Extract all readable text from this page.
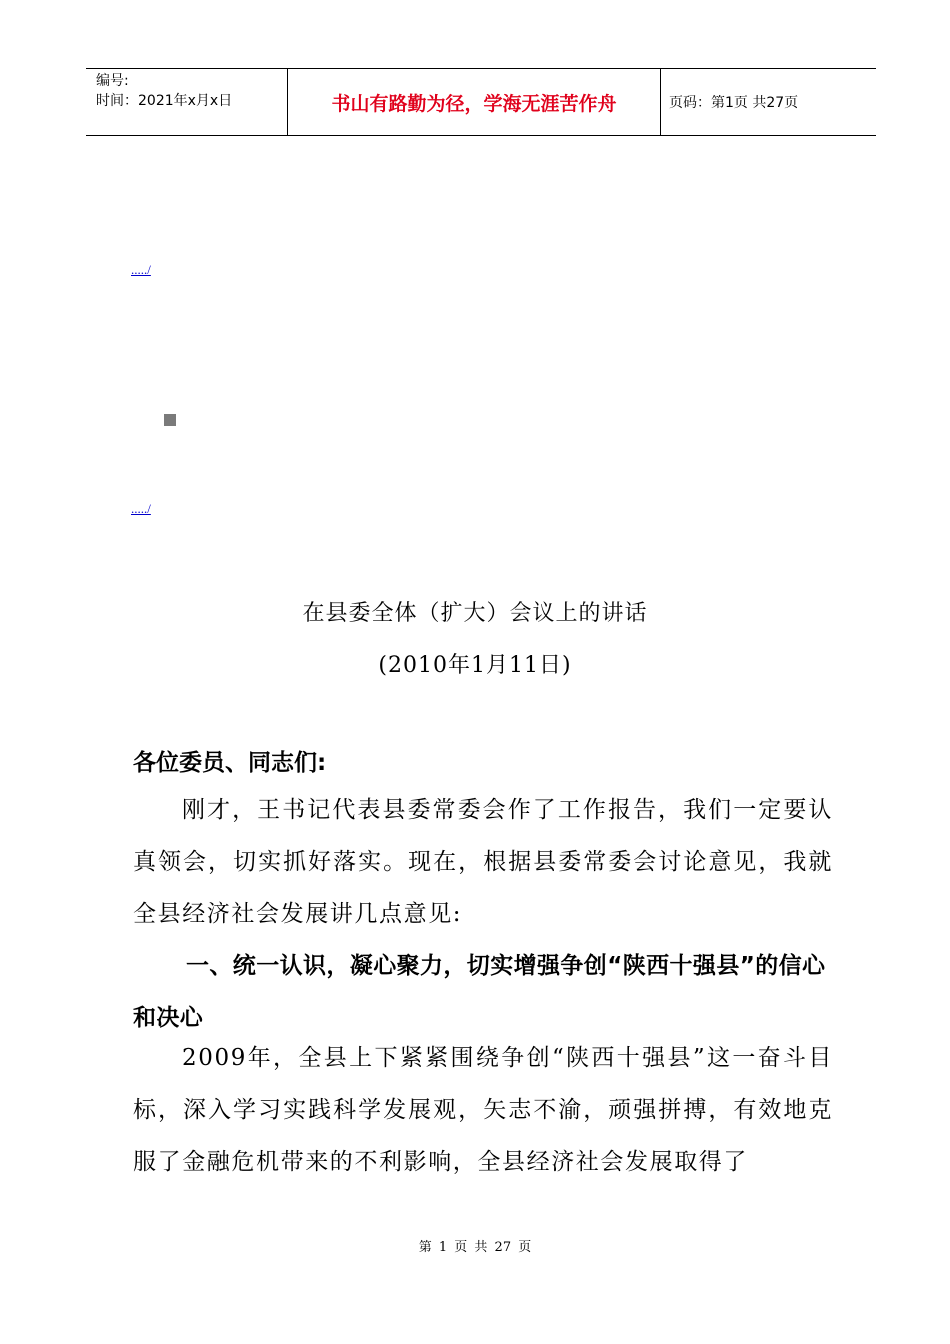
编号:
时间：2021年x月x日	书山有路勤为径，学海无涯苦作舟	页码：第1页 共27页
...../
...../
在县委全体（扩大）会议上的讲话
(2010年1月11日)
各位委员、同志们:
刚才，王书记代表县委常委会作了工作报告，我们一定要认真领会，切实抓好落实。现在，根据县委常委会讨论意见，我就全县经济社会发展讲几点意见:
一、统一认识，凝心聚力，切实增强争创“陕西十强县”的信心和决心
2009年，全县上下紧紧围绕争创“陕西十强县”这一奋斗目标，深入学习实践科学发展观，矢志不渝，顽强拼搏，有效地克服了金融危机带来的不利影响，全县经济社会发展取得了
第 1 页 共 27 页
